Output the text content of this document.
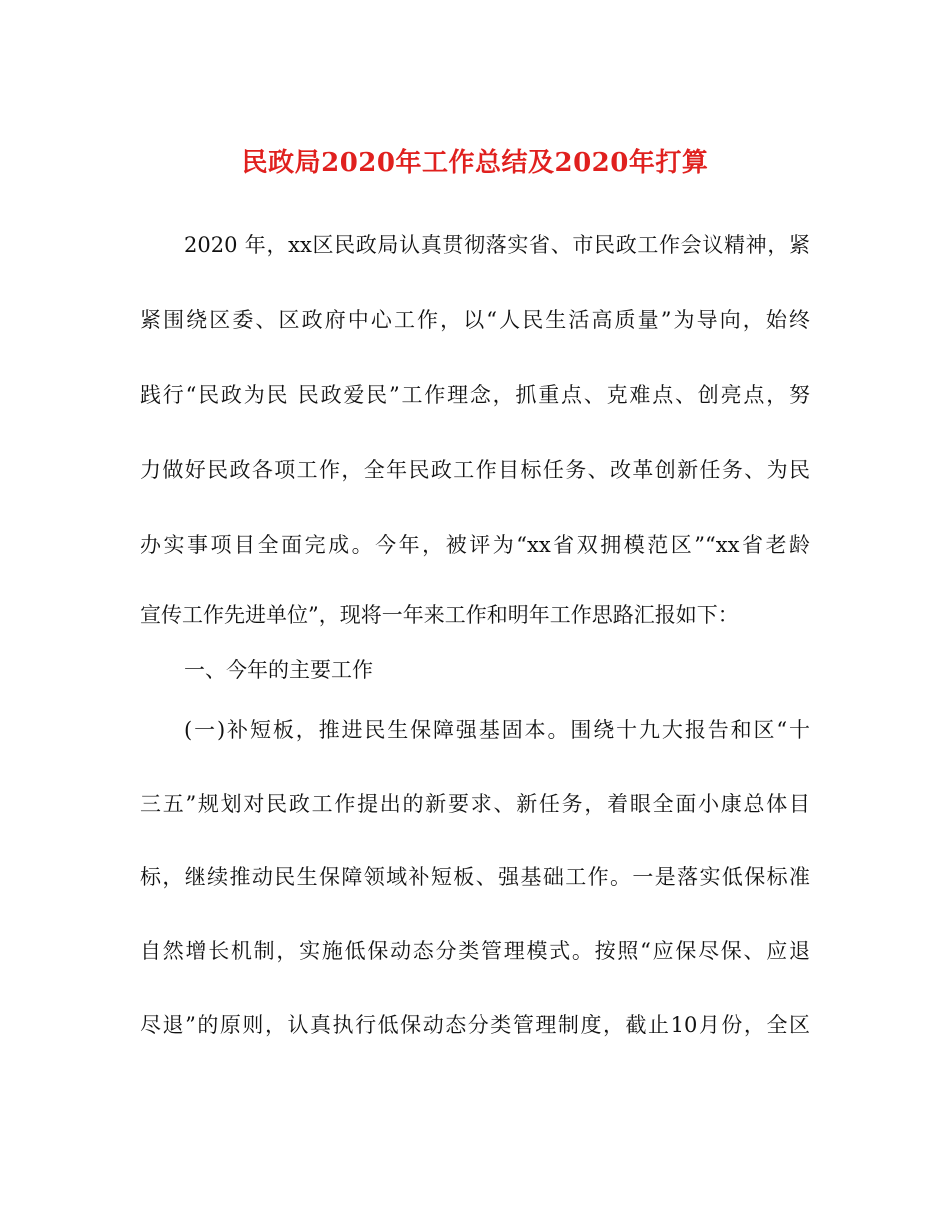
民政局2020年工作总结及2020年打算
2020 年，xx区民政局认真贯彻落实省、市民政工作会议精神，紧
紧围绕区委、区政府中心工作，以“人民生活高质量”为导向，始终
践行“民政为民 民政爱民”工作理念，抓重点、克难点、创亮点，努
力做好民政各项工作，全年民政工作目标任务、改革创新任务、为民
办实事项目全面完成。今年，被评为“xx省双拥模范区”“xx省老龄
宣传工作先进单位”，现将一年来工作和明年工作思路汇报如下：
一、今年的主要工作
(一)补短板，推进民生保障强基固本。围绕十九大报告和区“十
三五”规划对民政工作提出的新要求、新任务，着眼全面小康总体目
标，继续推动民生保障领域补短板、强基础工作。一是落实低保标准
自然增长机制，实施低保动态分类管理模式。按照“应保尽保、应退
尽退”的原则，认真执行低保动态分类管理制度，截止10月份，全区
